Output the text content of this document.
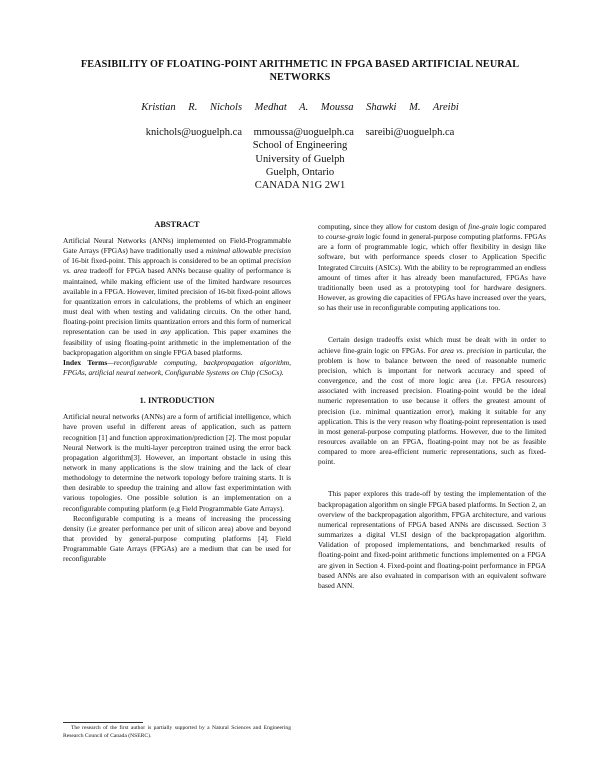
FEASIBILITY OF FLOATING-POINT ARITHMETIC IN FPGA BASED ARTIFICIAL NEURAL NETWORKS
Kristian R. Nichols Medhat A. Moussa Shawki M. Areibi
knichols@uoguelph.ca mmoussa@uoguelph.ca sareibi@uoguelph.ca
School of Engineering
University of Guelph
Guelph, Ontario
CANADA N1G 2W1
ABSTRACT

Artificial Neural Networks (ANNs) implemented on Field-Programmable Gate Arrays (FPGAs) have traditionally used a minimal allowable precision of 16-bit fixed-point. This approach is considered to be an optimal precision vs. area tradeoff for FPGA based ANNs because quality of performance is maintained, while making efficient use of the limited hardware resources available in a FPGA. However, limited precision of 16-bit fixed-point allows for quantization errors in calculations, the problems of which an engineer must deal with when testing and validating circuits. On the other hand, floating-point precision limits quantization errors and this form of numerical representation can be used in any application. This paper examines the feasibility of using floating-point arithmetic in the implementation of the backpropagation algorithm on single FPGA based platforms.

Index Terms—reconfigurable computing, backpropagation algorithm, FPGAs, artificial neural network, Configurable Systems on Chip (CSoCs).

1. INTRODUCTION

Artificial neural networks (ANNs) are a form of artificial intelligence, which have proven useful in different areas of application, such as pattern recognition [1] and function approximation/prediction [2]. The most popular Neural Network is the multi-layer perceptron trained using the error back propagation algorithm[3]. However, an important obstacle in using this network in many applications is the slow training and the lack of clear methodology to determine the network topology before training starts. It is then desirable to speedup the training and allow fast experimintation with various topologies. One possible solution is an implementation on a reconfigurable computing platform (e.g Field Programmable Gate Arrays).

Reconfigurable computing is a means of increasing the processing density (i.e greater performance per unit of silicon area) above and beyond that provided by general-purpose computing platforms [4]. Field Programmable Gate Arrays (FPGAs) are a medium that can be used for reconfigurable

computing, since they allow for custom design of fine-grain logic compared to course-grain logic found in general-purpose computing platforms. FPGAs are a form of programmable logic, which offer flexibility in design like software, but with performance speeds closer to Application Specific Integrated Circuits (ASICs). With the ability to be reprogrammed an endless amount of times after it has already been manufactured, FPGAs have traditionally been used as a prototyping tool for hardware designers. However, as growing die capacities of FPGAs have increased over the years, so has their use in reconfigurable computing applications too.

Certain design tradeoffs exist which must be dealt with in order to achieve fine-grain logic on FPGAs. For area vs. precision in particular, the problem is how to balance between the need of reasonable numeric precision, which is important for network accuracy and speed of convergence, and the cost of more logic area (i.e. FPGA resources) associated with increased precision. Floating-point would be the ideal numeric representation to use because it offers the greatest amount of precision (i.e. minimal quantization error), making it suitable for any application. This is the very reason why floating-point representation is used in most general-purpose computing platforms. However, due to the limited resources available on an FPGA, floating-point may not be as feasible compared to more area-efficient numeric representations, such as fixed-point.

This paper explores this trade-off by testing the implementation of the backpropagation algorithm on single FPGA based platforms. In Section 2, an overview of the backpropagation algorithm, FPGA architecture, and various numerical representations of FPGA based ANNs are discussed. Section 3 summarizes a digital VLSI design of the backpropagation algorithm. Validation of proposed implementations, and benchmarked results of floating-point and fixed-point arithmetic functions implemented on a FPGA are given in Section 4. Fixed-point and floating-point performance in FPGA based ANNs are also evaluated in comparison with an equivalent software based ANN.

The research of the first author is partially supported by a Natural Sciences and Engineering Research Council of Canada (NSERC).
